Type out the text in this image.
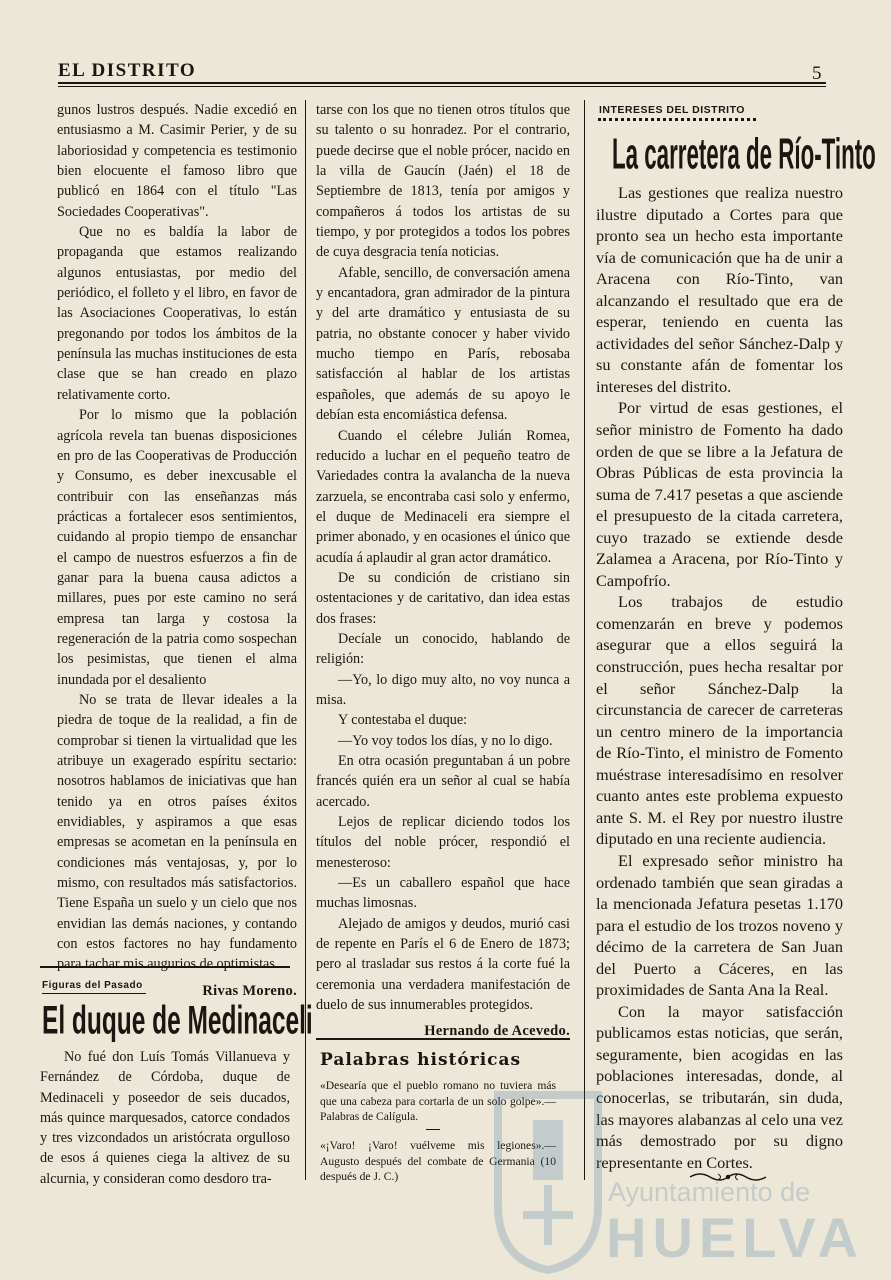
EL DISTRITO	5

gunos lustros después. Nadie excedió en entusiasmo a M. Casimir Perier, y de su laboriosidad y competencia es testimonio bien elocuente el famoso libro que publicó en 1864 con el título "Las Sociedades Cooperativas".

Que no es baldía la labor de propaganda que estamos realizando algunos entusiastas, por medio del periódico, el folleto y el libro, en favor de las Asociaciones Cooperativas, lo están pregonando por todos los ámbitos de la península las muchas instituciones de esta clase que se han creado en plazo relativamente corto.

Por lo mismo que la población agrícola revela tan buenas disposiciones en pro de las Cooperativas de Producción y Consumo, es deber inexcusable el contribuir con las enseñanzas más prácticas a fortalecer esos sentimientos, cuidando al propio tiempo de ensanchar el campo de nuestros esfuerzos a fin de ganar para la buena causa adictos a millares, pues por este camino no será empresa tan larga y costosa la regeneración de la patria como sospechan los pesimistas, que tienen el alma inundada por el desaliento

No se trata de llevar ideales a la piedra de toque de la realidad, a fin de comprobar si tienen la virtualidad que les atribuye un exagerado espíritu sectario: nosotros hablamos de iniciativas que han tenido ya en otros países éxitos envidiables, y aspiramos a que esas empresas se acometan en la península en condiciones más ventajosas, y, por lo mismo, con resultados más satisfactorios. Tiene España un suelo y un cielo que nos envidian las demás naciones, y contando con estos factores no hay fundamento para tachar mis augurios de optimistas.

Rivas Moreno.

Figuras del Pasado
El duque de Medinaceli

No fué don Luís Tomás Villanueva y Fernández de Córdoba, duque de Medinaceli y poseedor de seis ducados, más quince marquesados, catorce condados y tres vizcondados un aristócrata orgulloso de esos á quienes ciega la altivez de su alcurnia, y consideran como desdoro tra-

tarse con los que no tienen otros títulos que su talento o su honradez. Por el contrario, puede decirse que el noble prócer, nacido en la villa de Gaucín (Jaén) el 18 de Septiembre de 1813, tenía por amigos y compañeros á todos los artistas de su tiempo, y por protegidos a todos los pobres de cuya desgracia tenía noticias.

Afable, sencillo, de conversación amena y encantadora, gran admirador de la pintura y del arte dramático y entusiasta de su patria, no obstante conocer y haber vivido mucho tiempo en París, rebosaba satisfacción al hablar de los artistas españoles, que además de su apoyo le debían esta encomiástica defensa.

Cuando el célebre Julián Romea, reducido a luchar en el pequeño teatro de Variedades contra la avalancha de la nueva zarzuela, se encontraba casi solo y enfermo, el duque de Medinaceli era siempre el primer abonado, y en ocasiones el único que acudía á aplaudir al gran actor dramático.

De su condición de cristiano sin ostentaciones y de caritativo, dan idea estas dos frases:

Decíale un conocido, hablando de religión:

—Yo, lo digo muy alto, no voy nunca a misa.

Y contestaba el duque:

—Yo voy todos los días, y no lo digo.

En otra ocasión preguntaban á un pobre francés quién era un señor al cual se había acercado.

Lejos de replicar diciendo todos los títulos del noble prócer, respondió el menesteroso:

—Es un caballero español que hace muchas limosnas.

Alejado de amigos y deudos, murió casi de repente en París el 6 de Enero de 1873; pero al trasladar sus restos á la corte fué la ceremonia una verdadera manifestación de duelo de sus innumerables protegidos.

Hernando de Acevedo.

Palabras históricas
«Desearía que el pueblo romano no tuviera más que una cabeza para cortarla de un solo golpe».—Palabras de Calígula.
«¡Varo! ¡Varo! vuélveme mis legiones».—Augusto después del combate de Germania (10 después de J. C.)
INTERESES DEL DISTRITO
La carretera de Río-Tinto

Las gestiones que realiza nuestro ilustre diputado a Cortes para que pronto sea un hecho esta importante vía de comunicación que ha de unir a Aracena con Río-Tinto, van alcanzando el resultado que era de esperar, teniendo en cuenta las actividades del señor Sánchez-Dalp y su constante afán de fomentar los intereses del distrito.

Por virtud de esas gestiones, el señor ministro de Fomento ha dado orden de que se libre a la Jefatura de Obras Públicas de esta provincia la suma de 7.417 pesetas a que asciende el presupuesto de la citada carretera, cuyo trazado se extiende desde Zalamea a Aracena, por Río-Tinto y Campofrío.

Los trabajos de estudio comenzarán en breve y podemos asegurar que a ellos seguirá la construcción, pues hecha resaltar por el señor Sánchez-Dalp la circunstancia de carecer de carreteras un centro minero de la importancia de Río-Tinto, el ministro de Fomento muéstrase interesadísimo en resolver cuanto antes este problema expuesto ante S. M. el Rey por nuestro ilustre diputado en una reciente audiencia.

El expresado señor ministro ha ordenado también que sean giradas a la mencionada Jefatura pesetas 1.170 para el estudio de los trozos noveno y décimo de la carretera de San Juan del Puerto a Cáceres, en las proximidades de Santa Ana la Real.

Con la mayor satisfacción publicamos estas noticias, que serán, seguramente, bien acogidas en las poblaciones interesadas, donde, al conocerlas, se tributarán, sin duda, las mayores alabanzas al celo una vez más demostrado por su digno representante en Cortes.

Ayuntamiento de
HUELVA
